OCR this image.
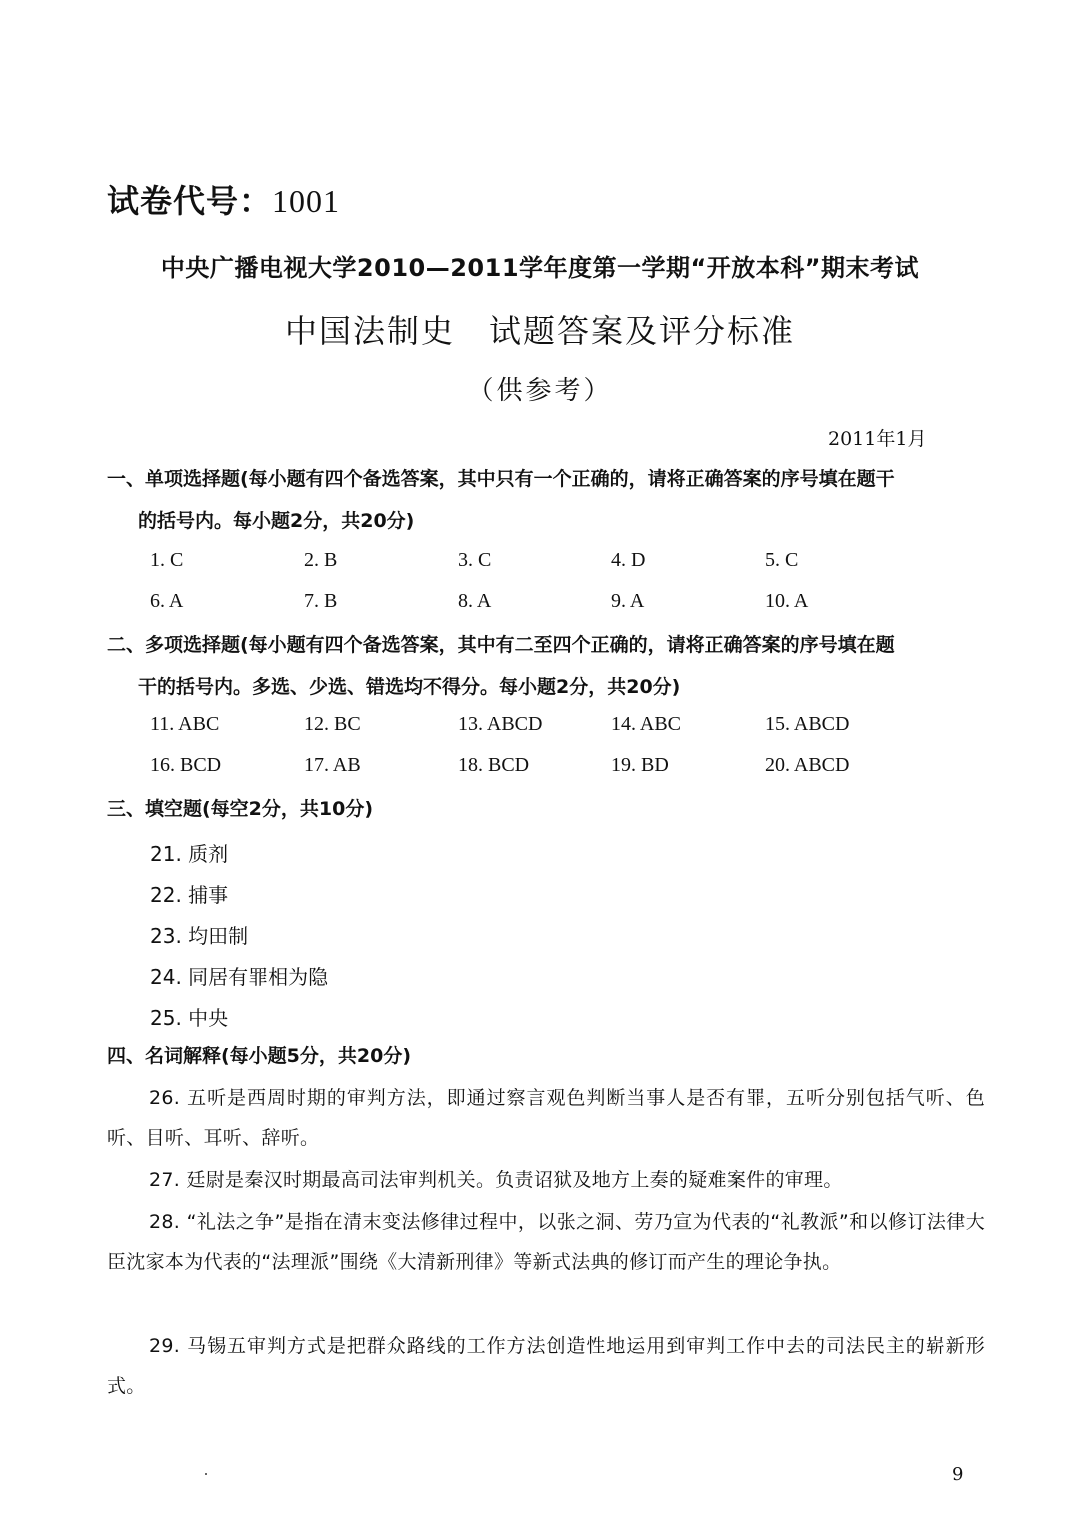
试卷代号：1001
中央广播电视大学2010—2011学年度第一学期“开放本科”期末考试
中国法制史　试题答案及评分标准
（供参考）
2011年1月
一、单项选择题(每小题有四个备选答案，其中只有一个正确的，请将正确答案的序号填在题干
的括号内。每小题2分，共20分)
1. C	2. B	3. C	4. D	5. C
6. A	7. B	8. A	9. A	10. A
二、多项选择题(每小题有四个备选答案，其中有二至四个正确的，请将正确答案的序号填在题
干的括号内。多选、少选、错选均不得分。每小题2分，共20分)
11. ABC	12. BC	13. ABCD	14. ABC	15. ABCD
16. BCD	17. AB	18. BCD	19. BD	20. ABCD
三、填空题(每空2分，共10分)
21. 质剂
22. 捕事
23. 均田制
24. 同居有罪相为隐
25. 中央
四、名词解释(每小题5分，共20分)
26. 五听是西周时期的审判方法，即通过察言观色判断当事人是否有罪，五听分别包括气听、色听、目听、耳听、辞听。
27. 廷尉是秦汉时期最高司法审判机关。负责诏狱及地方上奏的疑难案件的审理。
28. “礼法之争”是指在清末变法修律过程中，以张之洞、劳乃宣为代表的“礼教派”和以修订法律大臣沈家本为代表的“法理派”围绕《大清新刑律》等新式法典的修订而产生的理论争执。
29. 马锡五审判方式是把群众路线的工作方法创造性地运用到审判工作中去的司法民主的崭新形式。
9
